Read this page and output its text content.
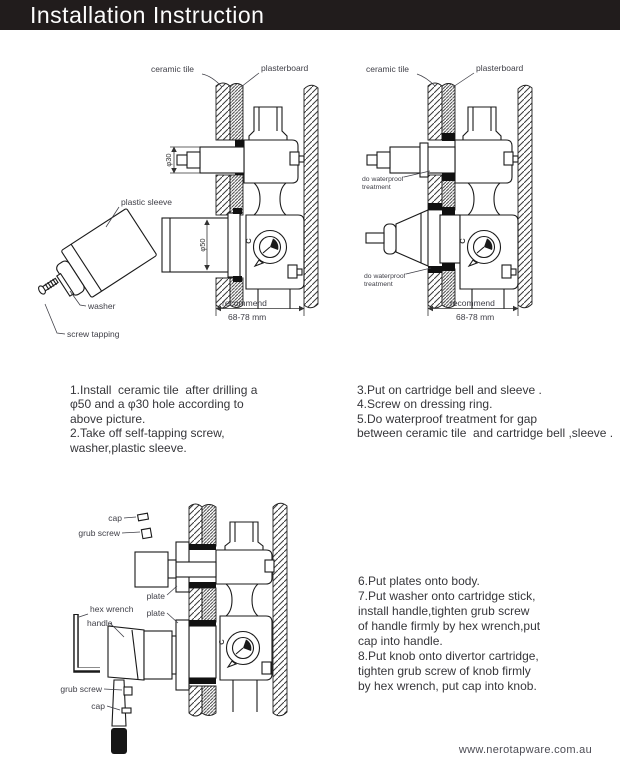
Installation Instruction
C
φ30
φ50
recommend
68-78 mm
ceramic tile	plasterboard
plastic sleeve
washer
screw tapping
C
recommend
68-78 mm
ceramic tile	plasterboard
do waterproof
treatment
do waterproof
treatment
C
cap
grub screw
plate
plate
hex wrench
handle
grub screw
cap
1.Install  ceramic tile  after drilling a
φ50 and a φ30 hole according to
above picture.
2.Take off self-tapping screw,
washer,plastic sleeve.
3.Put on cartridge bell and sleeve .
4.Screw on dressing ring.
5.Do waterproof treatment for gap
between ceramic tile  and cartridge bell ,sleeve .
6.Put plates onto body.
7.Put washer onto cartridge stick,
install handle,tighten grub screw
of handle firmly by hex wrench,put
cap into handle.
8.Put knob onto divertor cartridge,
tighten grub screw of knob firmly
by hex wrench, put cap into knob.
www.nerotapware.com.au
